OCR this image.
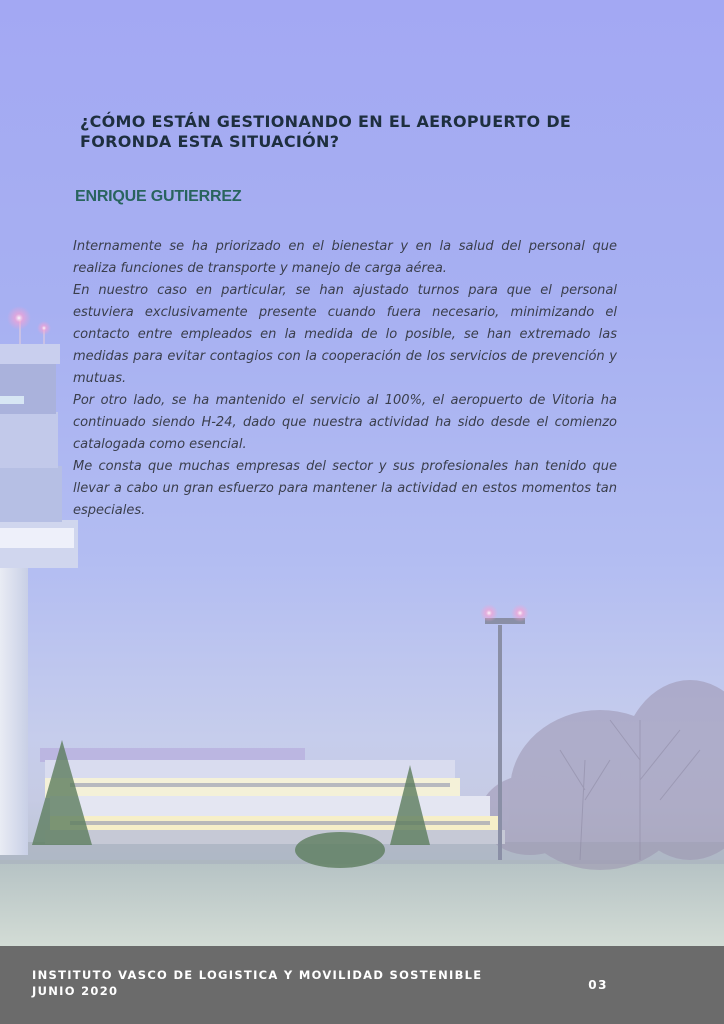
¿CÓMO ESTÁN GESTIONANDO EN EL AEROPUERTO DE FORONDA ESTA SITUACIÓN?
ENRIQUE GUTIERREZ

Internamente se ha priorizado en el bienestar y en la salud del personal que realiza funciones de transporte y manejo de carga aérea.

En nuestro caso en particular, se han ajustado turnos para que el personal estuviera exclusivamente presente cuando fuera necesario, minimizando el contacto entre empleados en la medida de lo posible, se han extremado las medidas para evitar contagios con la cooperación de los servicios de prevención y mutuas.

Por otro lado, se ha mantenido el servicio al 100%, el aeropuerto de Vitoria ha continuado siendo H-24, dado que nuestra actividad ha sido desde el comienzo catalogada como esencial.

Me consta que muchas empresas del sector y sus profesionales han tenido que llevar a cabo un gran esfuerzo para mantener la actividad en estos momentos tan especiales.

INSTITUTO VASCO DE LOGISTICA Y MOVILIDAD SOSTENIBLE

JUNIO 2020	03
